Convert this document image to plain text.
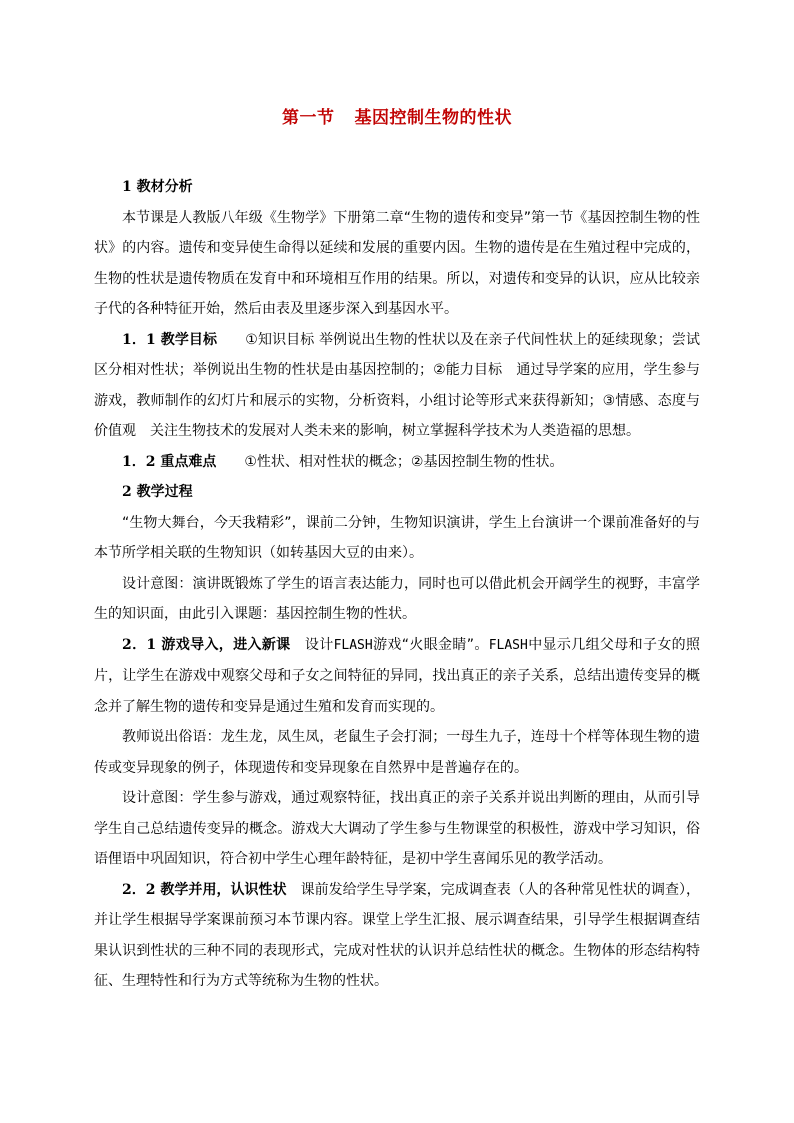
第一节 基因控制生物的性状

1 教材分析

本节课是人教版八年级《生物学》下册第二章“生物的遗传和变异”第一节《基因控制生物的性状》的内容。遗传和变异使生命得以延续和发展的重要内因。生物的遗传是在生殖过程中完成的，生物的性状是遗传物质在发育中和环境相互作用的结果。所以，对遗传和变异的认识，应从比较亲子代的各种特征开始，然后由表及里逐步深入到基因水平。

1．1 教学目标 ①知识目标 举例说出生物的性状以及在亲子代间性状上的延续现象；尝试区分相对性状；举例说出生物的性状是由基因控制的；②能力目标　通过导学案的应用，学生参与游戏，教师制作的幻灯片和展示的实物，分析资料，小组讨论等形式来获得新知；③情感、态度与价值观　关注生物技术的发展对人类未来的影响，树立掌握科学技术为人类造福的思想。

1．2 重点难点 ①性状、相对性状的概念；②基因控制生物的性状。

2 教学过程

“生物大舞台，今天我精彩”，课前二分钟，生物知识演讲，学生上台演讲一个课前准备好的与本节所学相关联的生物知识（如转基因大豆的由来）。

设计意图：演讲既锻炼了学生的语言表达能力，同时也可以借此机会开阔学生的视野，丰富学生的知识面，由此引入课题：基因控制生物的性状。

2．1 游戏导入，进入新课 设计FLASH游戏“火眼金睛”。FLASH中显示几组父母和子女的照片，让学生在游戏中观察父母和子女之间特征的异同，找出真正的亲子关系，总结出遗传变异的概念并了解生物的遗传和变异是通过生殖和发育而实现的。

教师说出俗语：龙生龙，凤生凤，老鼠生子会打洞；一母生九子，连母十个样等体现生物的遗传或变异现象的例子，体现遗传和变异现象在自然界中是普遍存在的。

设计意图：学生参与游戏，通过观察特征，找出真正的亲子关系并说出判断的理由，从而引导学生自己总结遗传变异的概念。游戏大大调动了学生参与生物课堂的积极性，游戏中学习知识，俗语俚语中巩固知识，符合初中学生心理年龄特征，是初中学生喜闻乐见的教学活动。

2．2 教学并用，认识性状 课前发给学生导学案，完成调查表（人的各种常见性状的调查），并让学生根据导学案课前预习本节课内容。课堂上学生汇报、展示调查结果，引导学生根据调查结果认识到性状的三种不同的表现形式，完成对性状的认识并总结性状的概念。生物体的形态结构特征、生理特性和行为方式等统称为生物的性状。
